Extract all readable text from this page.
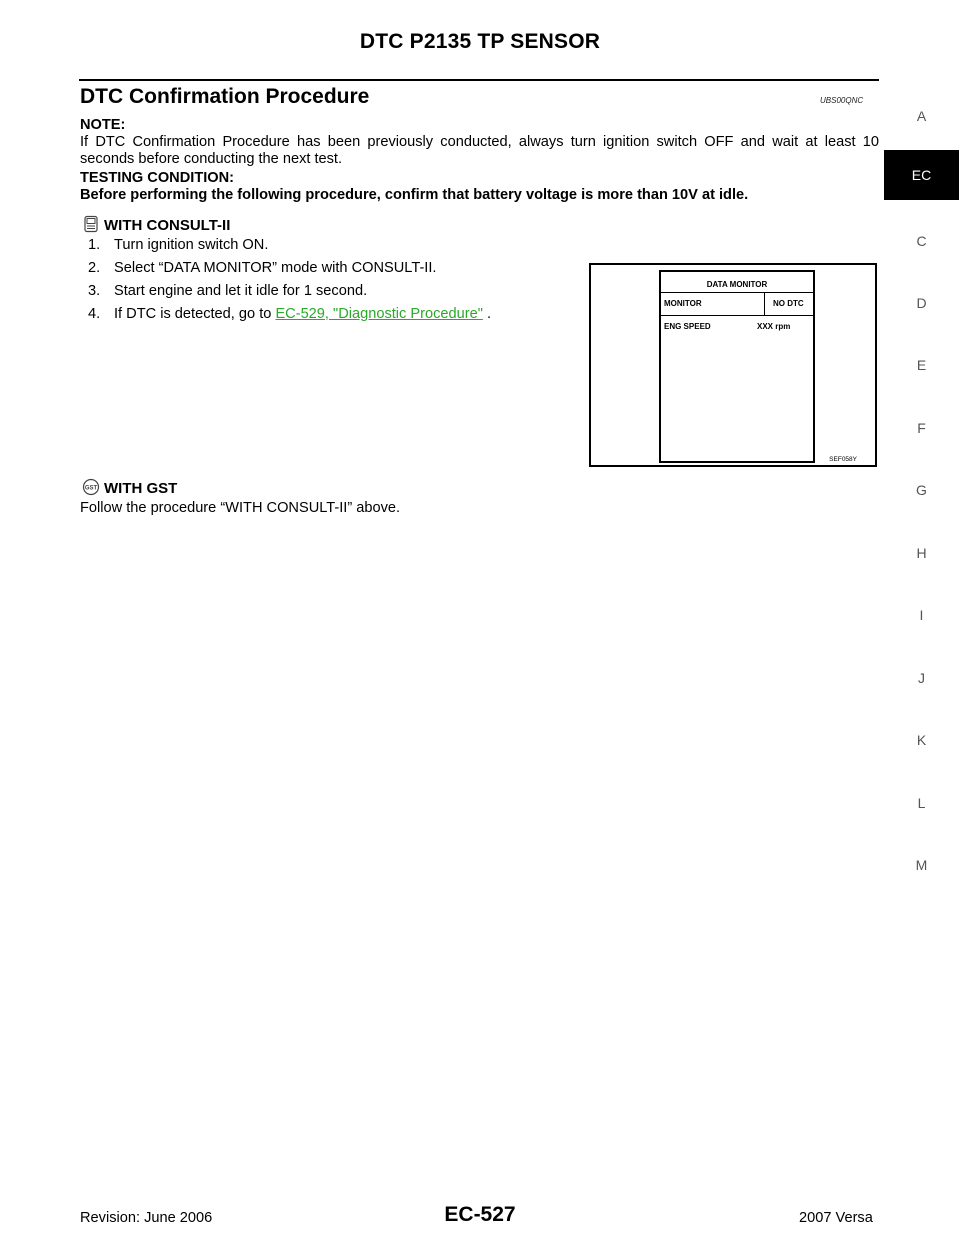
DTC P2135 TP SENSOR
DTC Confirmation Procedure	UBS00QNC
NOTE:
If DTC Confirmation Procedure has been previously conducted, always turn ignition switch OFF and wait at least 10 seconds before conducting the next test.
TESTING CONDITION:
Before performing the following procedure, confirm that battery voltage is more than 10V at idle.
WITH CONSULT-II
1. Turn ignition switch ON.
2. Select “DATA MONITOR” mode with CONSULT-II.
3. Start engine and let it idle for 1 second.
4. If DTC is detected, go to EC-529, "Diagnostic Procedure" .
DATA MONITOR
MONITOR	NO DTC
ENG SPEED	XXX rpm
SEF058Y
GST WITH GST
Follow the procedure “WITH CONSULT-II” above.
A
EC
C
D
E
F
G
H
I
J
K
L
M
Revision: June 2006	EC-527	2007 Versa
